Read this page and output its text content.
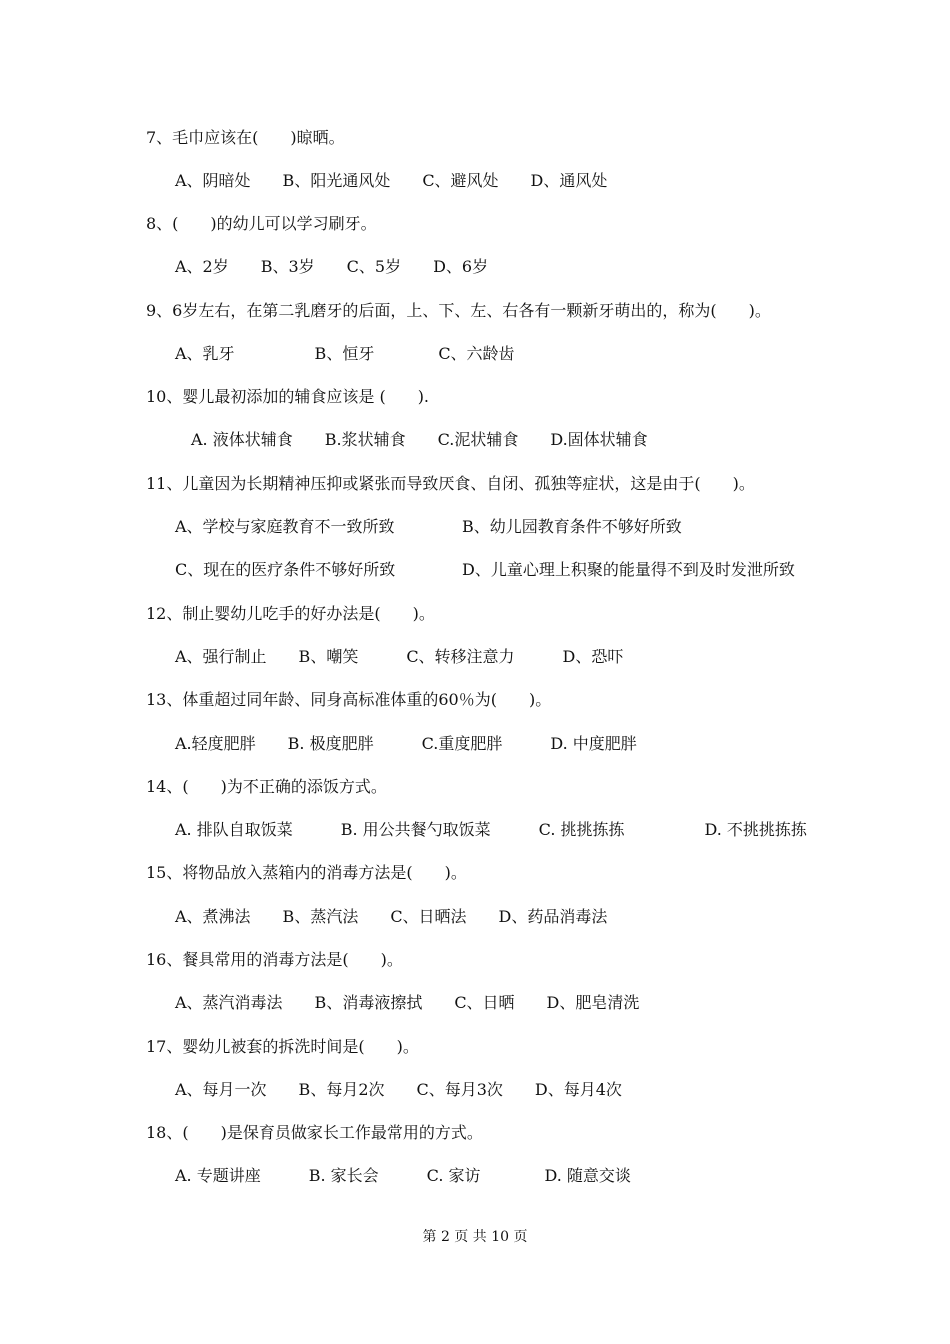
7、毛巾应该在(　　)晾晒。

A、阴暗处　　B、阳光通风处　　C、避风处　　D、通风处

8、(　　)的幼儿可以学习刷牙。

A、2岁　　B、3岁　　C、5岁　　D、6岁

9、6岁左右，在第二乳磨牙的后面，上、下、左、右各有一颗新牙萌出的，称为(　　)。

A、乳牙　　　　　B、恒牙　　　　C、六龄齿

10、婴儿最初添加的辅食应该是 (　　).

　A. 液体状辅食　　B.浆状辅食　　C.泥状辅食　　D.固体状辅食

11、儿童因为长期精神压抑或紧张而导致厌食、自闭、孤独等症状，这是由于(　　)。

A、学校与家庭教育不一致所致	B、幼儿园教育条件不够好所致
C、现在的医疗条件不够好所致	D、儿童心理上积聚的能量得不到及时发泄所致

12、制止婴幼儿吃手的好办法是(　　)。

A、强行制止　　B、嘲笑　　　C、转移注意力　　　D、恐吓

13、体重超过同年龄、同身高标准体重的60％为(　　)。

A.轻度肥胖　　B. 极度肥胖　　　C.重度肥胖　　　D. 中度肥胖

14、(　　)为不正确的添饭方式。

A. 排队自取饭菜　　　B. 用公共餐勺取饭菜　　　C. 挑挑拣拣　　　　　D. 不挑挑拣拣

15、将物品放入蒸箱内的消毒方法是(　　)。

A、煮沸法　　B、蒸汽法　　C、日晒法　　D、药品消毒法

16、餐具常用的消毒方法是(　　)。

A、蒸汽消毒法　　B、消毒液擦拭　　C、日晒　　D、肥皂清洗

17、婴幼儿被套的拆洗时间是(　　)。

A、每月一次　　B、每月2次　　C、每月3次　　D、每月4次

18、(　　)是保育员做家长工作最常用的方式。

A. 专题讲座　　　B. 家长会　　　C. 家访　　　　D. 随意交谈

第 2 页 共 10 页
